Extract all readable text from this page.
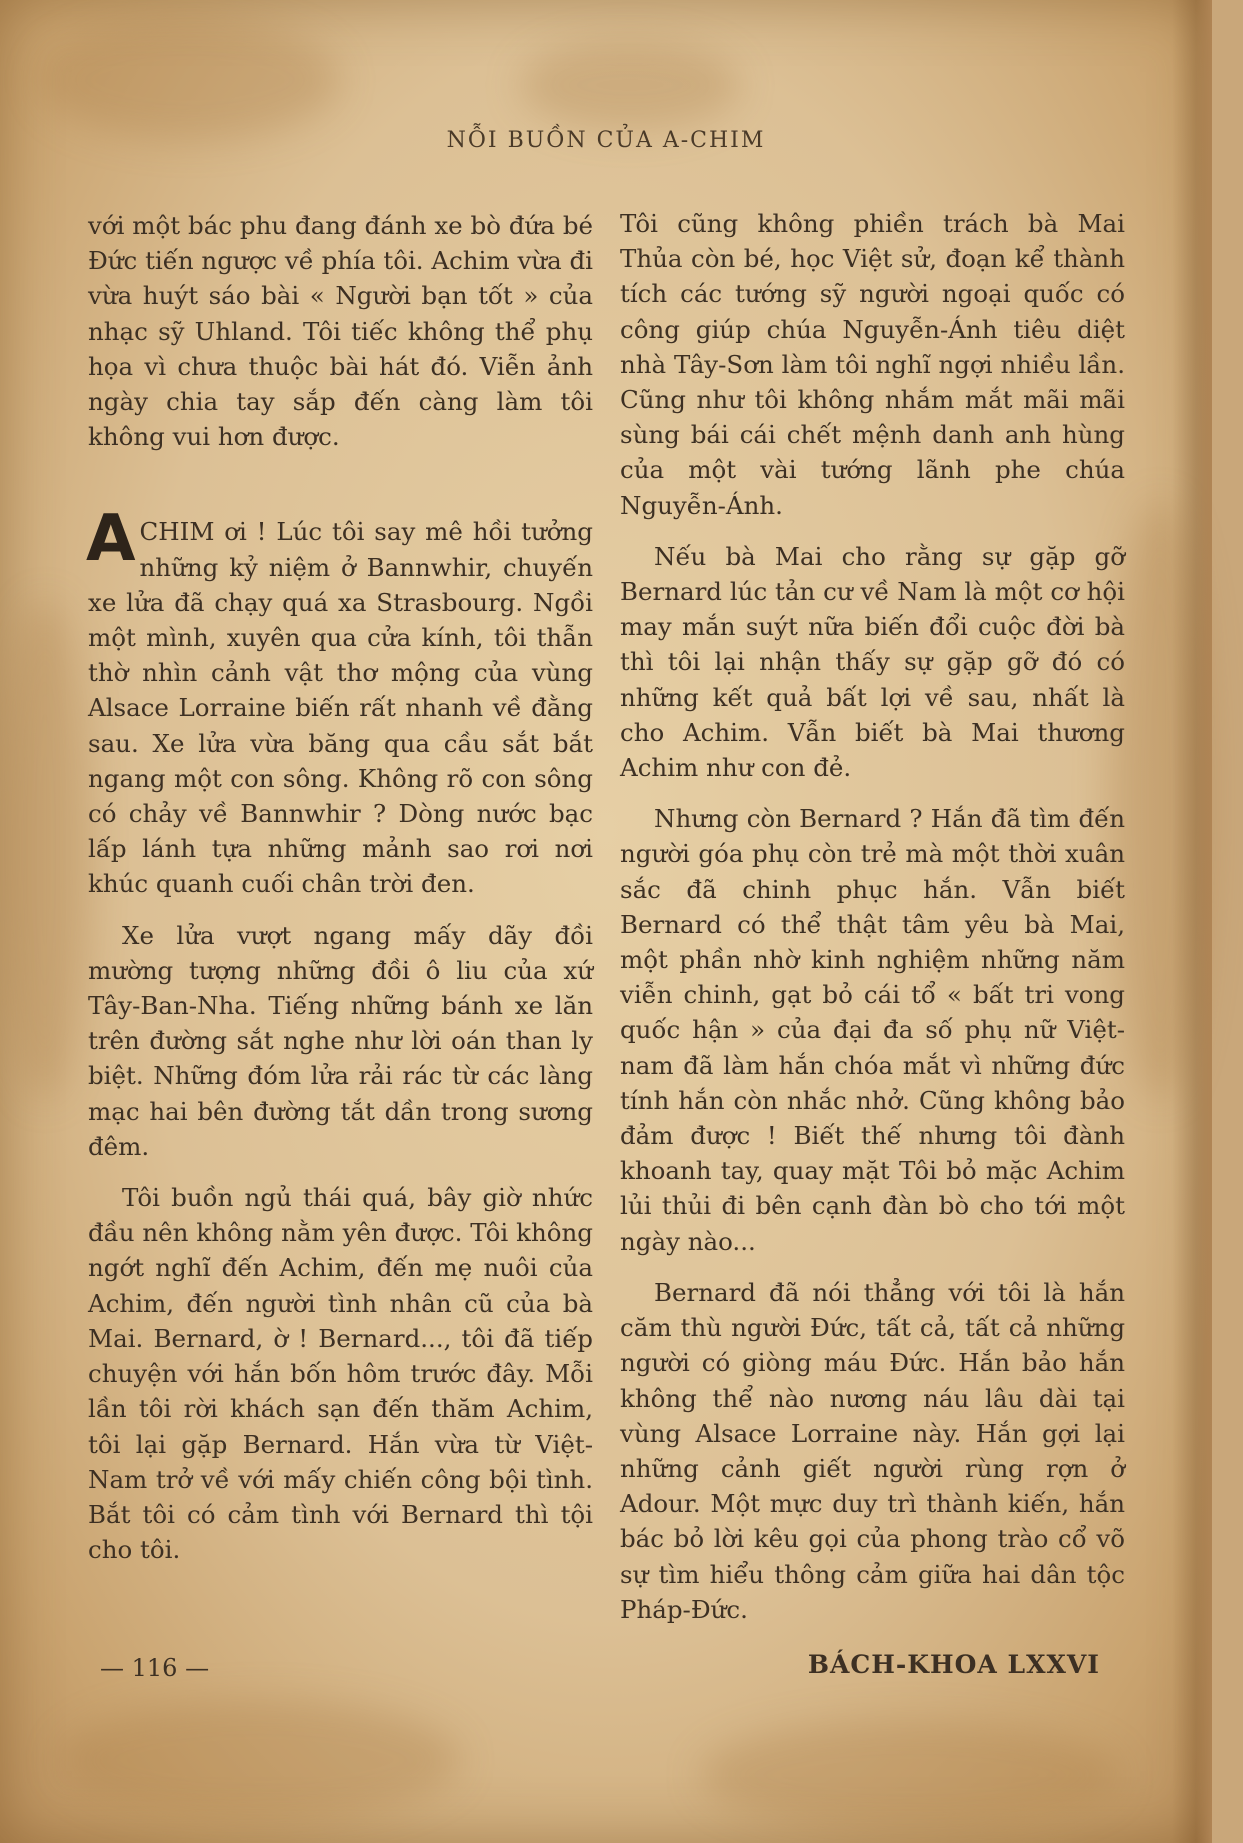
NỖI BUỒN CỦA A-CHIM

với một bác phu đang đánh xe bò đứa bé Đức tiến ngược về phía tôi. Achim vừa đi vừa huýt sáo bài « Người bạn tốt » của nhạc sỹ Uhland. Tôi tiếc không thể phụ họa vì chưa thuộc bài hát đó. Viễn ảnh ngày chia tay sắp đến càng làm tôi không vui hơn được.

ACHIM ơi ! Lúc tôi say mê hồi tưởng những kỷ niệm ở Bannwhir, chuyến xe lửa đã chạy quá xa Strasbourg. Ngồi một mình, xuyên qua cửa kính, tôi thẫn thờ nhìn cảnh vật thơ mộng của vùng Alsace Lorraine biến rất nhanh về đằng sau. Xe lửa vừa băng qua cầu sắt bắt ngang một con sông. Không rõ con sông có chảy về Bannwhir ? Dòng nước bạc lấp lánh tựa những mảnh sao rơi nơi khúc quanh cuối chân trời đen.

Xe lửa vượt ngang mấy dãy đồi mường tượng những đồi ô liu của xứ Tây-Ban-Nha. Tiếng những bánh xe lăn trên đường sắt nghe như lời oán than ly biệt. Những đóm lửa rải rác từ các làng mạc hai bên đường tắt dần trong sương đêm.

Tôi buồn ngủ thái quá, bây giờ nhức đầu nên không nằm yên được. Tôi không ngớt nghĩ đến Achim, đến mẹ nuôi của Achim, đến người tình nhân cũ của bà Mai. Bernard, ờ ! Bernard..., tôi đã tiếp chuyện với hắn bốn hôm trước đây. Mỗi lần tôi rời khách sạn đến thăm Achim, tôi lại gặp Bernard. Hắn vừa từ Việt-Nam trở về với mấy chiến công bội tình. Bắt tôi có cảm tình với Bernard thì tội cho tôi.

Tôi cũng không phiền trách bà Mai Thủa còn bé, học Việt sử, đoạn kể thành tích các tướng sỹ người ngoại quốc có công giúp chúa Nguyễn-Ánh tiêu diệt nhà Tây-Sơn làm tôi nghĩ ngợi nhiều lần. Cũng như tôi không nhắm mắt mãi mãi sùng bái cái chết mệnh danh anh hùng của một vài tướng lãnh phe chúa Nguyễn-Ánh.

Nếu bà Mai cho rằng sự gặp gỡ Bernard lúc tản cư về Nam là một cơ hội may mắn suýt nữa biến đổi cuộc đời bà thì tôi lại nhận thấy sự gặp gỡ đó có những kết quả bất lợi về sau, nhất là cho Achim. Vẫn biết bà Mai thương Achim như con đẻ.

Nhưng còn Bernard ? Hắn đã tìm đến người góa phụ còn trẻ mà một thời xuân sắc đã chinh phục hắn. Vẫn biết Bernard có thể thật tâm yêu bà Mai, một phần nhờ kinh nghiệm những năm viễn chinh, gạt bỏ cái tổ « bất tri vong quốc hận » của đại đa số phụ nữ Việt-nam đã làm hắn chóa mắt vì những đức tính hắn còn nhắc nhở. Cũng không bảo đảm được ! Biết thế nhưng tôi đành khoanh tay, quay mặt Tôi bỏ mặc Achim lủi thủi đi bên cạnh đàn bò cho tới một ngày nào...

Bernard đã nói thẳng với tôi là hắn căm thù người Đức, tất cả, tất cả những người có giòng máu Đức. Hắn bảo hắn không thể nào nương náu lâu dài tại vùng Alsace Lorraine này. Hắn gợi lại những cảnh giết người rùng rợn ở Adour. Một mực duy trì thành kiến, hắn bác bỏ lời kêu gọi của phong trào cổ võ sự tìm hiểu thông cảm giữa hai dân tộc Pháp-Đức.

— 116 —	BÁCH-KHOA LXXVI
